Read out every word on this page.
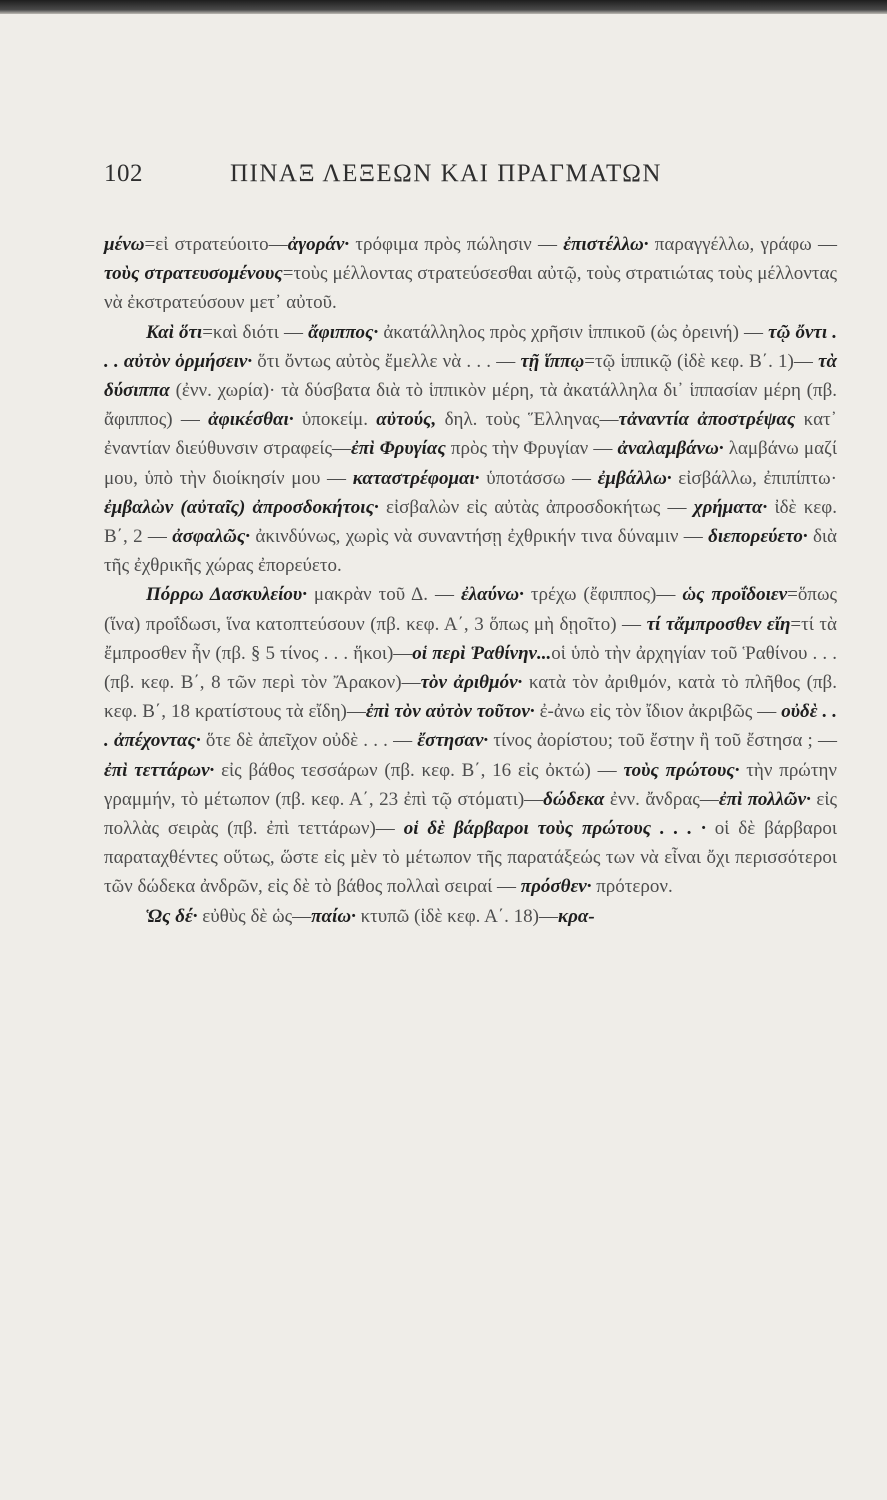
102	ΠΙΝΑΞ ΛΕΞΕΩΝ ΚΑΙ ΠΡΑΓΜΑΤΩΝ

μένω=εἰ στρατεύοιτο—ἀγοράν· τρόφιμα πρὸς πώλησιν — ἐπιστέλλω· παραγγέλλω, γράφω — τοὺς στρατευσομένους=τοὺς μέλλοντας στρατεύσεσθαι αὐτῷ, τοὺς στρατιώτας τοὺς μέλλοντας νὰ ἐκστρατεύσουν μετ᾽ αὐτοῦ.

Καὶ ὅτι=καὶ διότι — ἄφιππος· ἀκατάλληλος πρὸς χρῆσιν ἱππικοῦ (ὡς ὀρεινή) — τῷ ὄντι . . . αὐτὸν ὁρμήσειν· ὅτι ὄντως αὐτὸς ἔμελλε νὰ . . . — τῇ ἵππῳ=τῷ ἱππικῷ (ἰδὲ κεφ. Β΄. 1)— τὰ δύσιππα (ἐνν. χωρία)· τὰ δύσβατα διὰ τὸ ἱππικὸν μέρη, τὰ ἀκατάλληλα δι᾽ ἱππασίαν μέρη (πβ. ἄφιππος) — ἀφικέσθαι· ὑποκείμ. αὐτούς, δηλ. τοὺς Ἕλληνας—τἀναντία ἀποστρέψας κατ᾽ ἐναντίαν διεύθυνσιν στραφείς—ἐπὶ Φρυγίας πρὸς τὴν Φρυγίαν — ἀναλαμβάνω· λαμβάνω μαζί μου, ὑπὸ τὴν διοίκησίν μου — καταστρέφομαι· ὑποτάσσω — ἐμβάλλω· εἰσβάλλω, ἐπιπίπτω· ἐμβαλὼν (αὐταῖς) ἀπροσδοκήτοις· εἰσβαλὼν εἰς αὐτὰς ἀπροσδοκήτως — χρήματα· ἰδὲ κεφ. Β΄, 2 — ἀσφαλῶς· ἀκινδύνως, χωρὶς νὰ συναντήσῃ ἐχθρικήν τινα δύναμιν — διεπορεύετο· διὰ τῆς ἐχθρικῆς χώρας ἐπορεύετο.

Πόρρω Δασκυλείου· μακρὰν τοῦ Δ. — ἐλαύνω· τρέχω (ἔφιππος)— ὡς προΐδοιεν=ὅπως (ἵνα) προΐδωσι, ἵνα κατοπτεύσουν (πβ. κεφ. Α΄, 3 ὅπως μὴ δῃοῖτο) — τί τἄμπροσθεν εἴη=τί τὰ ἔμπροσθεν ἦν (πβ. § 5 τίνος . . . ἥκοι)—οἱ περὶ Ῥαθίνην...οἱ ὑπὸ τὴν ἀρχηγίαν τοῦ Ῥαθίνου . . . (πβ. κεφ. Β΄, 8 τῶν περὶ τὸν Ἄρακον)—τὸν ἀριθμόν· κατὰ τὸν ἀριθμόν, κατὰ τὸ πλῆθος (πβ. κεφ. Β΄, 18 κρατίστους τὰ εἴδη)—ἐπὶ τὸν αὐτὸν τοῦτον· ἐ-ἀνω εἰς τὸν ἴδιον ἀκριβῶς — οὐδὲ . . . ἀπέχοντας· ὅτε δὲ ἀπεῖχον οὐδὲ . . . — ἔστησαν· τίνος ἀορίστου; τοῦ ἔστην ἢ τοῦ ἔστησα ; —ἐπὶ τεττάρων· εἰς βάθος τεσσάρων (πβ. κεφ. Β΄, 16 εἰς ὀκτώ) — τοὺς πρώτους· τὴν πρώτην γραμμήν, τὸ μέτωπον (πβ. κεφ. Α΄, 23 ἐπὶ τῷ στόματι)—δώδεκα ἐνν. ἄνδρας—ἐπὶ πολλῶν· εἰς πολλὰς σειρὰς (πβ. ἐπὶ τεττάρων)— οἱ δὲ βάρβαροι τοὺς πρώτους . . . · οἱ δὲ βάρβαροι παραταχθέντες οὕτως, ὥστε εἰς μὲν τὸ μέτωπον τῆς παρατάξεώς των νὰ εἶναι ὄχι περισσότεροι τῶν δώδεκα ἀνδρῶν, εἰς δὲ τὸ βάθος πολλαὶ σειραί — πρόσθεν· πρότερον.

Ὡς δέ· εὐθὺς δὲ ὡς—παίω· κτυπῶ (ἰδὲ κεφ. Α΄. 18)—κρα-
